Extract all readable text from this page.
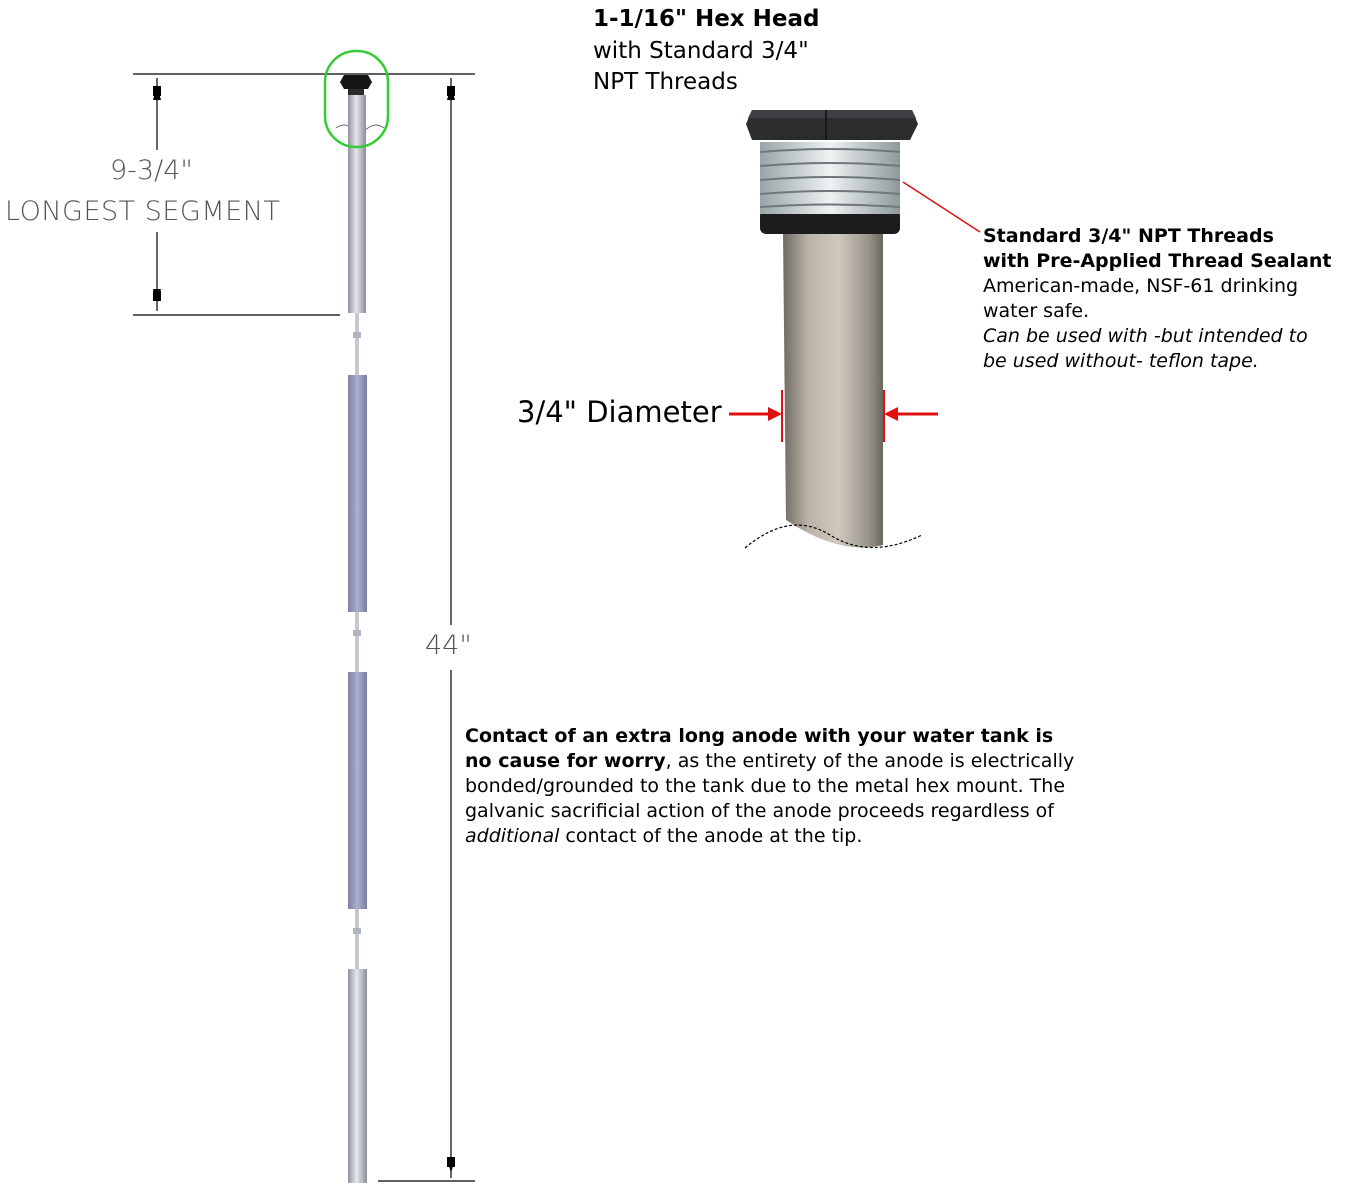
9-3/4"
LONGEST SEGMENT
44"
1-1/16" Hex Head
with Standard 3/4"
NPT Threads
3/4" Diameter
Standard 3/4" NPT Threads
with Pre-Applied Thread Sealant
American-made, NSF-61 drinking
water safe.
Can be used with -but intended to
be used without- teflon tape.

Contact of an extra long anode with your water tank is no cause for worry, as the entirety of the anode is electrically bonded/grounded to the tank due to the metal hex mount. The galvanic sacrificial action of the anode proceeds regardless of additional contact of the anode at the tip.
